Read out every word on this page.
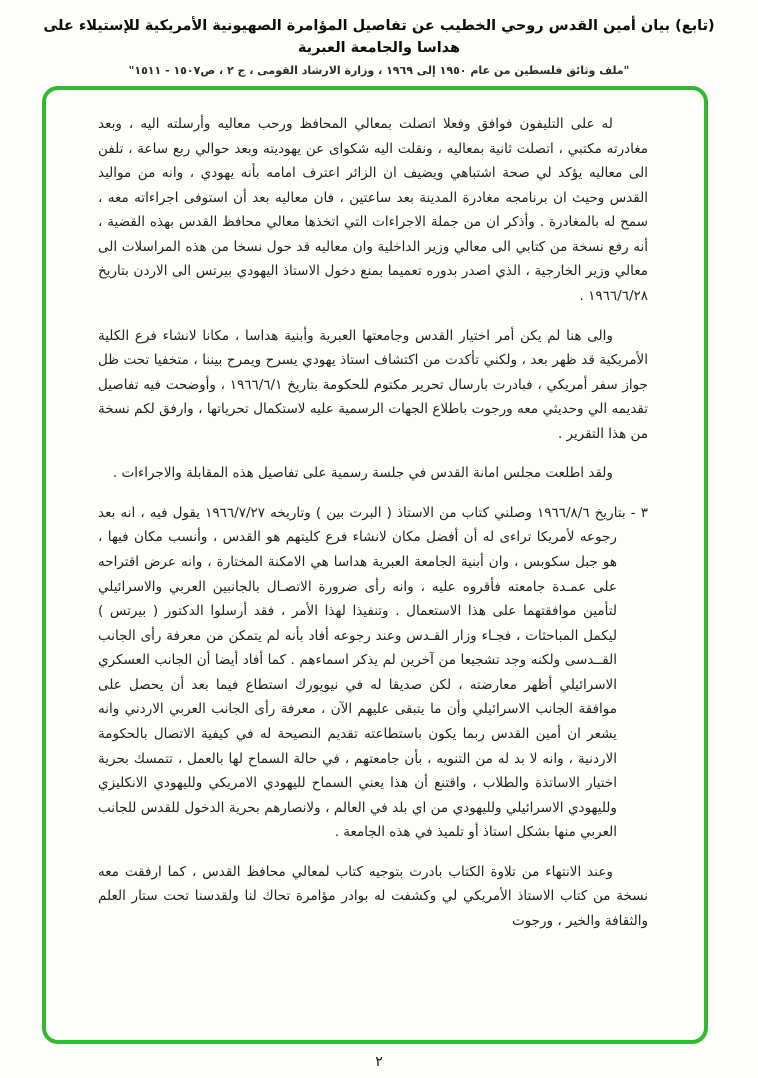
(تابع) بيان أمين القدس روحي الخطيب عن تفاصيل المؤامرة الصهيونية الأمريكية للإستيلاء على هداسا والجامعة العبرية
"ملف وثائق فلسطين من عام ١٩٥٠ إلى ١٩٦٩ ، وزارة الارشاد القومى ، ج ٢ ، ص١٥٠٧ - ١٥١١"

له على التليفون فوافق وفعلا اتصلت بمعالي المحافظ ورحب معاليه وأرسلته اليه ، وبعد مغادرته مكتبي ، اتصلت ثانية بمعاليه ، ونقلت اليه شكواى عن يهوديته وبعد حوالي ربع ساعة ، تلفن الى معاليه يؤكد لي صحة اشتباهي ويضيف ان الزائر اعترف امامه بأنه يهودي ، وانه من مواليد القدس وحيث ان برنامجه مغادرة المدينة بعد ساعتين ، فان معاليه بعد أن استوفى اجراءاته معه ، سمح له بالمغادرة . وأذكر ان من جملة الاجراءات التي اتخذها معالي محافظ القدس بهذه القضية ، أنه رفع نسخة من كتابي الى معالي وزير الداخلية وان معاليه قد حول نسخا من هذه المراسلات الى معالي وزير الخارجية ، الذي اصدر بدوره تعميما بمنع دخول الاستاذ اليهودي بيرتس الى الاردن بتاريخ ١٩٦٦/٦/٢٨ .

والى هنا لم يكن أمر اختيار القدس وجامعتها العبرية وأبنية هداسا ، مكانا لانشاء فرع الكلية الأمريكية قد ظهر بعد ، ولكني تأكدت من اكتشاف استاذ يهودي يسرح ويمرح بيننا ، متخفيا تحت ظل جواز سفر أمريكي ، فبادرت بارسال تحرير مكتوم للحكومة بتاريخ ١٩٦٦/٦/١ ، وأوضحت فيه تفاصيل تقديمه الي وحديثي معه ورجوت باطلاع الجهات الرسمية عليه لاستكمال تحرياتها ، وارفق لكم نسخة من هذا التقرير .

ولقد اطلعت مجلس امانة القدس في جلسة رسمية على تفاصيل هذه المقابلة والاجراءات .

٣ - بتاريخ ١٩٦٦/٨/٦ وصلني كتاب من الاستاذ ( البرت بين ) وتاريخه ١٩٦٦/٧/٢٧ يقول فيه ، انه بعد رجوعه لأمريكا تراءى له أن أفضل مكان لانشاء فرع كليتهم هو القدس ، وأنسب مكان فيها ، هو جبل سكوبس ، وان أبنية الجامعة العبرية هداسا هي الامكنة المختارة ، وانه عرض اقتراحه على عمـدة جامعته فأقروه عليه ، وانه رأى ضرورة الاتصـال بالجانبين العربي والاسرائيلي لتأمين موافقتهما على هذا الاستعمال . وتنفيذا لهذا الأمر ، فقد أرسلوا الدكتور ( بيرتس ) ليكمل المباحثات ، فجـاء وزار القـدس وعند رجوعه أفاد بأنه لم يتمكن من معرفة رأى الجانب القــدسى ولكنه وجد تشجيعا من آخرين لم يذكر اسماءهم . كما أفاد أيضا أن الجانب العسكري الاسرائيلي أظهر معارضته ، لكن صديقا له في نيويورك استطاع فيما بعد أن يحصل على موافقة الجانب الاسرائيلي وأن ما يتبقى عليهم الآن ، معرفة رأى الجانب العربي الاردني وانه يشعر ان أمين القدس ربما يكون باستطاعته تقديم النصيحة له في كيفية الاتصال بالحكومة الاردنية ، وانه لا بد له من التنويه ، بأن جامعتهم ، في حالة السماح لها بالعمل ، تتمسك بحرية اختيار الاساتذة والطلاب ، واقتنع أن هذا يعني السماح لليهودي الامريكي ولليهودي الانكليزي ولليهودي الاسرائيلي ولليهودي من اي بلد في العالم ، ولانصارهم بحرية الدخول للقدس للجانب العربي منها بشكل استاذ أو تلميذ في هذه الجامعة .

وعند الانتهاء من تلاوة الكتاب بادرت بتوجيه كتاب لمعالي محافظ القدس ، كما ارفقت معه نسخة من كتاب الاستاذ الأمريكي لي وكشفت له بوادر مؤامرة تحاك لنا ولقدسنا تحت ستار العلم والثقافة والخير ، ورجوت

٢
